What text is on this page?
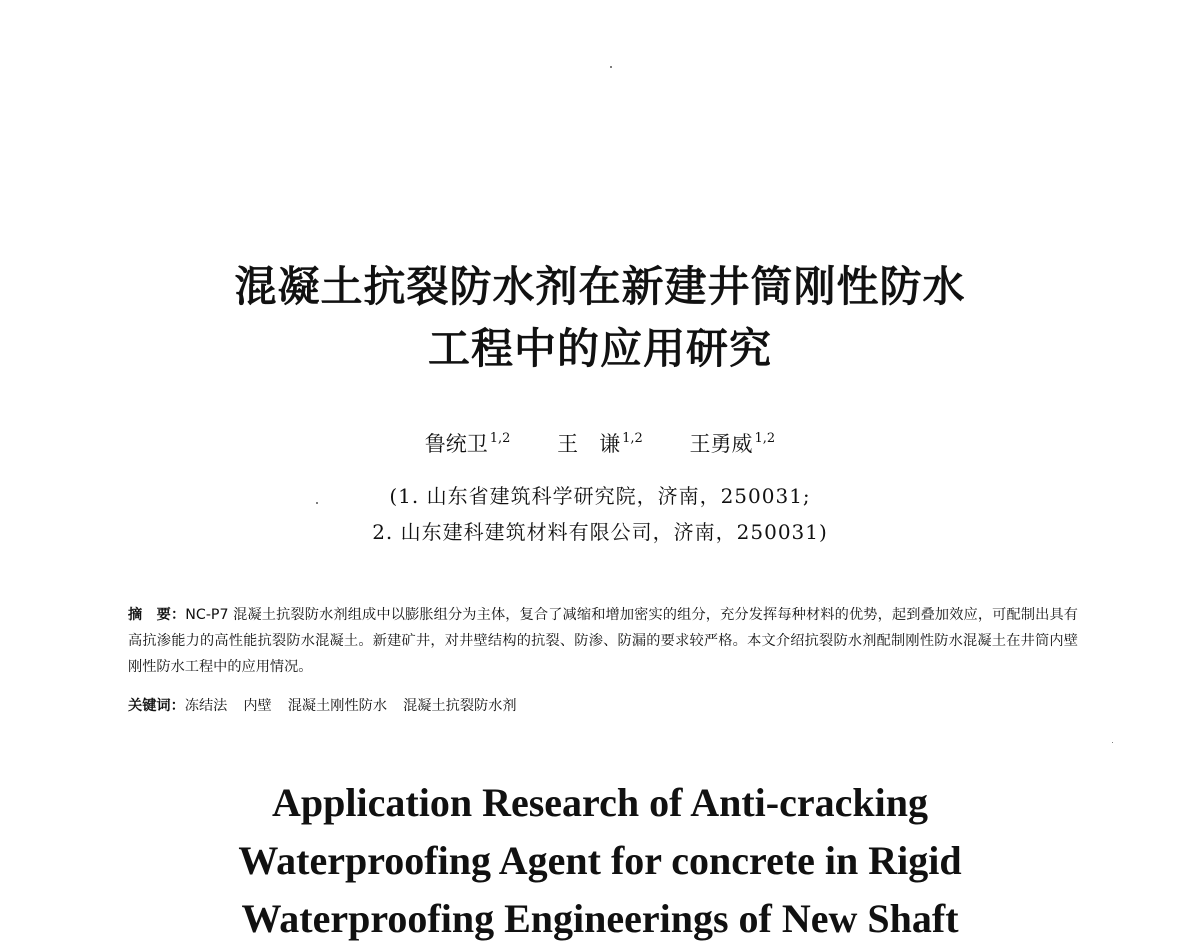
混凝土抗裂防水剂在新建井筒刚性防水
工程中的应用研究
鲁统卫 $^{1,2}$ 王　谦 $^{1,2}$ 王勇威 $^{1,2}$
(1. 山东省建筑科学研究院，济南，250031;
2. 山东建科建筑材料有限公司，济南，250031)
摘　要：NC-P7 混凝土抗裂防水剂组成中以膨胀组分为主体，复合了减缩和增加密实的组分，充分发挥每种材料的优势，起到叠加效应，可配制出具有高抗渗能力的高性能抗裂防水混凝土。新建矿井，对井壁结构的抗裂、防渗、防漏的要求较严格。本文介绍抗裂防水剂配制刚性防水混凝土在井筒内壁刚性防水工程中的应用情况。
关键词：冻结法 内壁 混凝土刚性防水 混凝土抗裂防水剂
Application Research of Anti-cracking
Waterproofing Agent for concrete in Rigid
Waterproofing Engineerings of New Shaft
